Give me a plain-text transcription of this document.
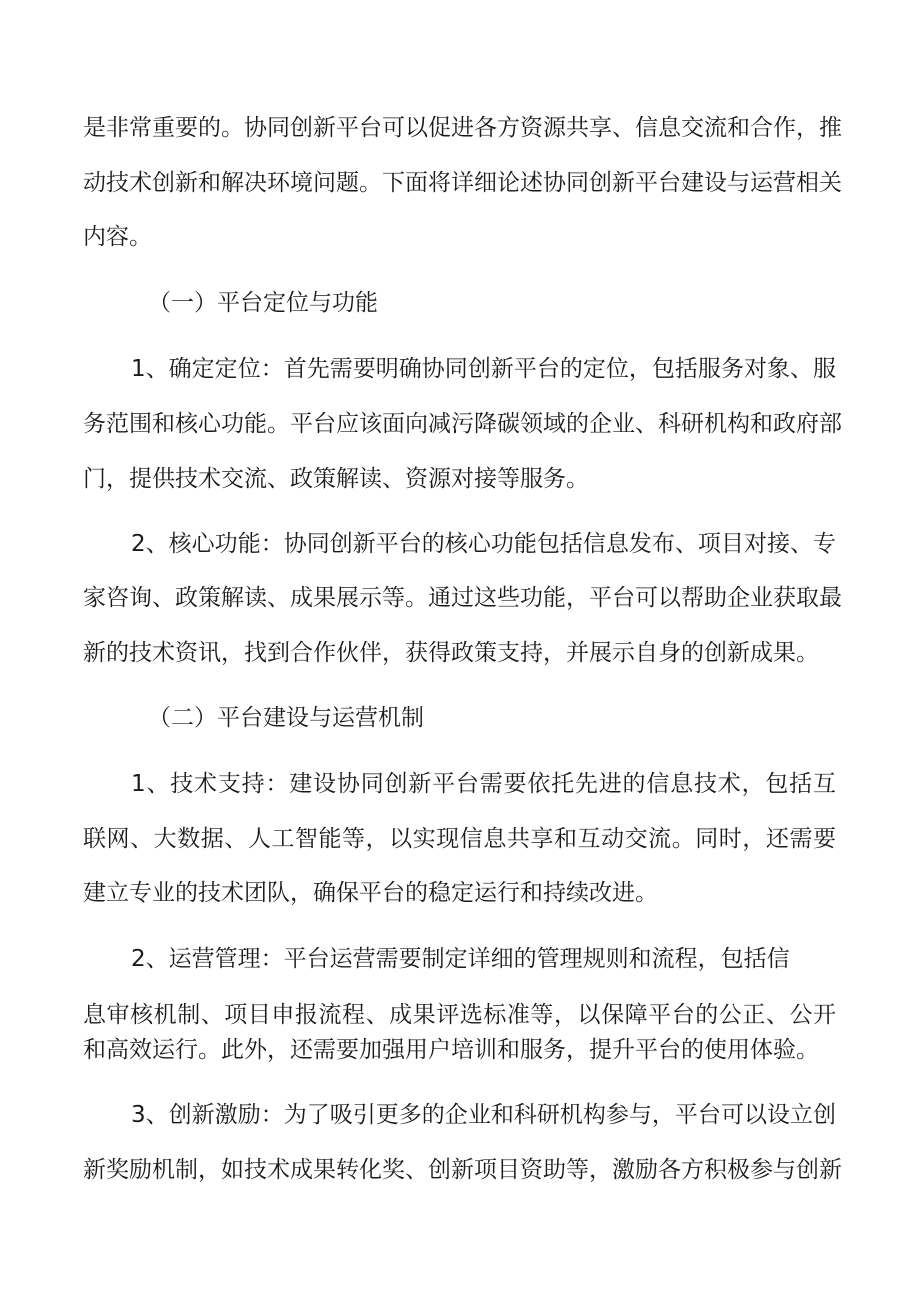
是非常重要的。协同创新平台可以促进各方资源共享、信息交流和合作，推
动技术创新和解决环境问题。下面将详细论述协同创新平台建设与运营相关
内容。
（一）平台定位与功能
1、确定定位：首先需要明确协同创新平台的定位，包括服务对象、服
务范围和核心功能。平台应该面向减污降碳领域的企业、科研机构和政府部
门，提供技术交流、政策解读、资源对接等服务。
2、核心功能：协同创新平台的核心功能包括信息发布、项目对接、专
家咨询、政策解读、成果展示等。通过这些功能，平台可以帮助企业获取最
新的技术资讯，找到合作伙伴，获得政策支持，并展示自身的创新成果。
（二）平台建设与运营机制
1、技术支持：建设协同创新平台需要依托先进的信息技术，包括互
联网、大数据、人工智能等，以实现信息共享和互动交流。同时，还需要
建立专业的技术团队，确保平台的稳定运行和持续改进。
2、运营管理：平台运营需要制定详细的管理规则和流程，包括信
息审核机制、项目申报流程、成果评选标准等，以保障平台的公正、公开
和高效运行。此外，还需要加强用户培训和服务，提升平台的使用体验。
3、创新激励：为了吸引更多的企业和科研机构参与，平台可以设立创
新奖励机制，如技术成果转化奖、创新项目资助等，激励各方积极参与创新
